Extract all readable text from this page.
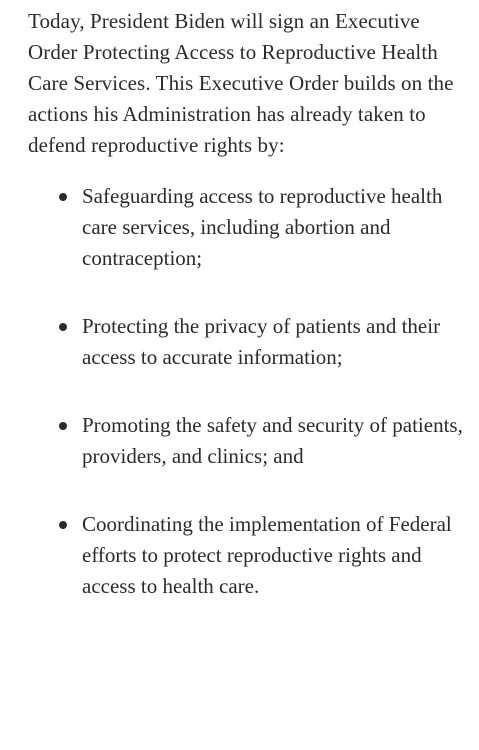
Today, President Biden will sign an Executive Order Protecting Access to Reproductive Health Care Services. This Executive Order builds on the actions his Administration has already taken to defend reproductive rights by:

Safeguarding access to reproductive health care services, including abortion and contraception;
Protecting the privacy of patients and their access to accurate information;
Promoting the safety and security of patients, providers, and clinics; and
Coordinating the implementation of Federal efforts to protect reproductive rights and access to health care.
